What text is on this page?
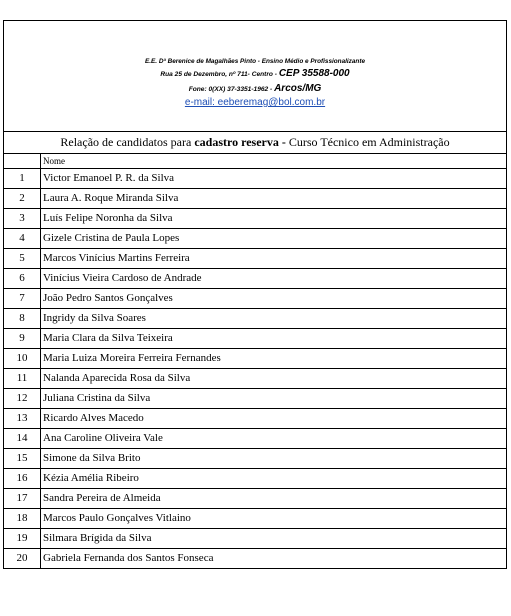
E.E. Dª Berenice de Magalhães Pinto - Ensino Médio e Profissionalizante
Rua 25 de Dezembro, nº 711- Centro - CEP 35588-000
Fone: 0(XX) 37-3351-1962 - Arcos/MG
e-mail: eeberemag@bol.com.br
Relação de candidatos para cadastro reserva - Curso Técnico em Administração
	Nome
1	Victor Emanoel P. R. da Silva
2	Laura A. Roque Miranda Silva
3	Luís Felipe Noronha da Silva
4	Gizele Cristina de Paula Lopes
5	Marcos Vinícius Martins Ferreira
6	Vinícius Vieira Cardoso de Andrade
7	João Pedro Santos Gonçalves
8	Ingridy da Silva Soares
9	Maria Clara da Silva Teixeira
10	Maria Luiza Moreira Ferreira Fernandes
11	Nalanda Aparecida Rosa da Silva
12	Juliana Cristina da Silva
13	Ricardo Alves Macedo
14	Ana Caroline Oliveira Vale
15	Simone da Silva Brito
16	Kézia Amélia Ribeiro
17	Sandra Pereira de Almeida
18	Marcos Paulo Gonçalves Vitlaino
19	Silmara Brígida da Silva
20	Gabriela Fernanda dos Santos Fonseca
